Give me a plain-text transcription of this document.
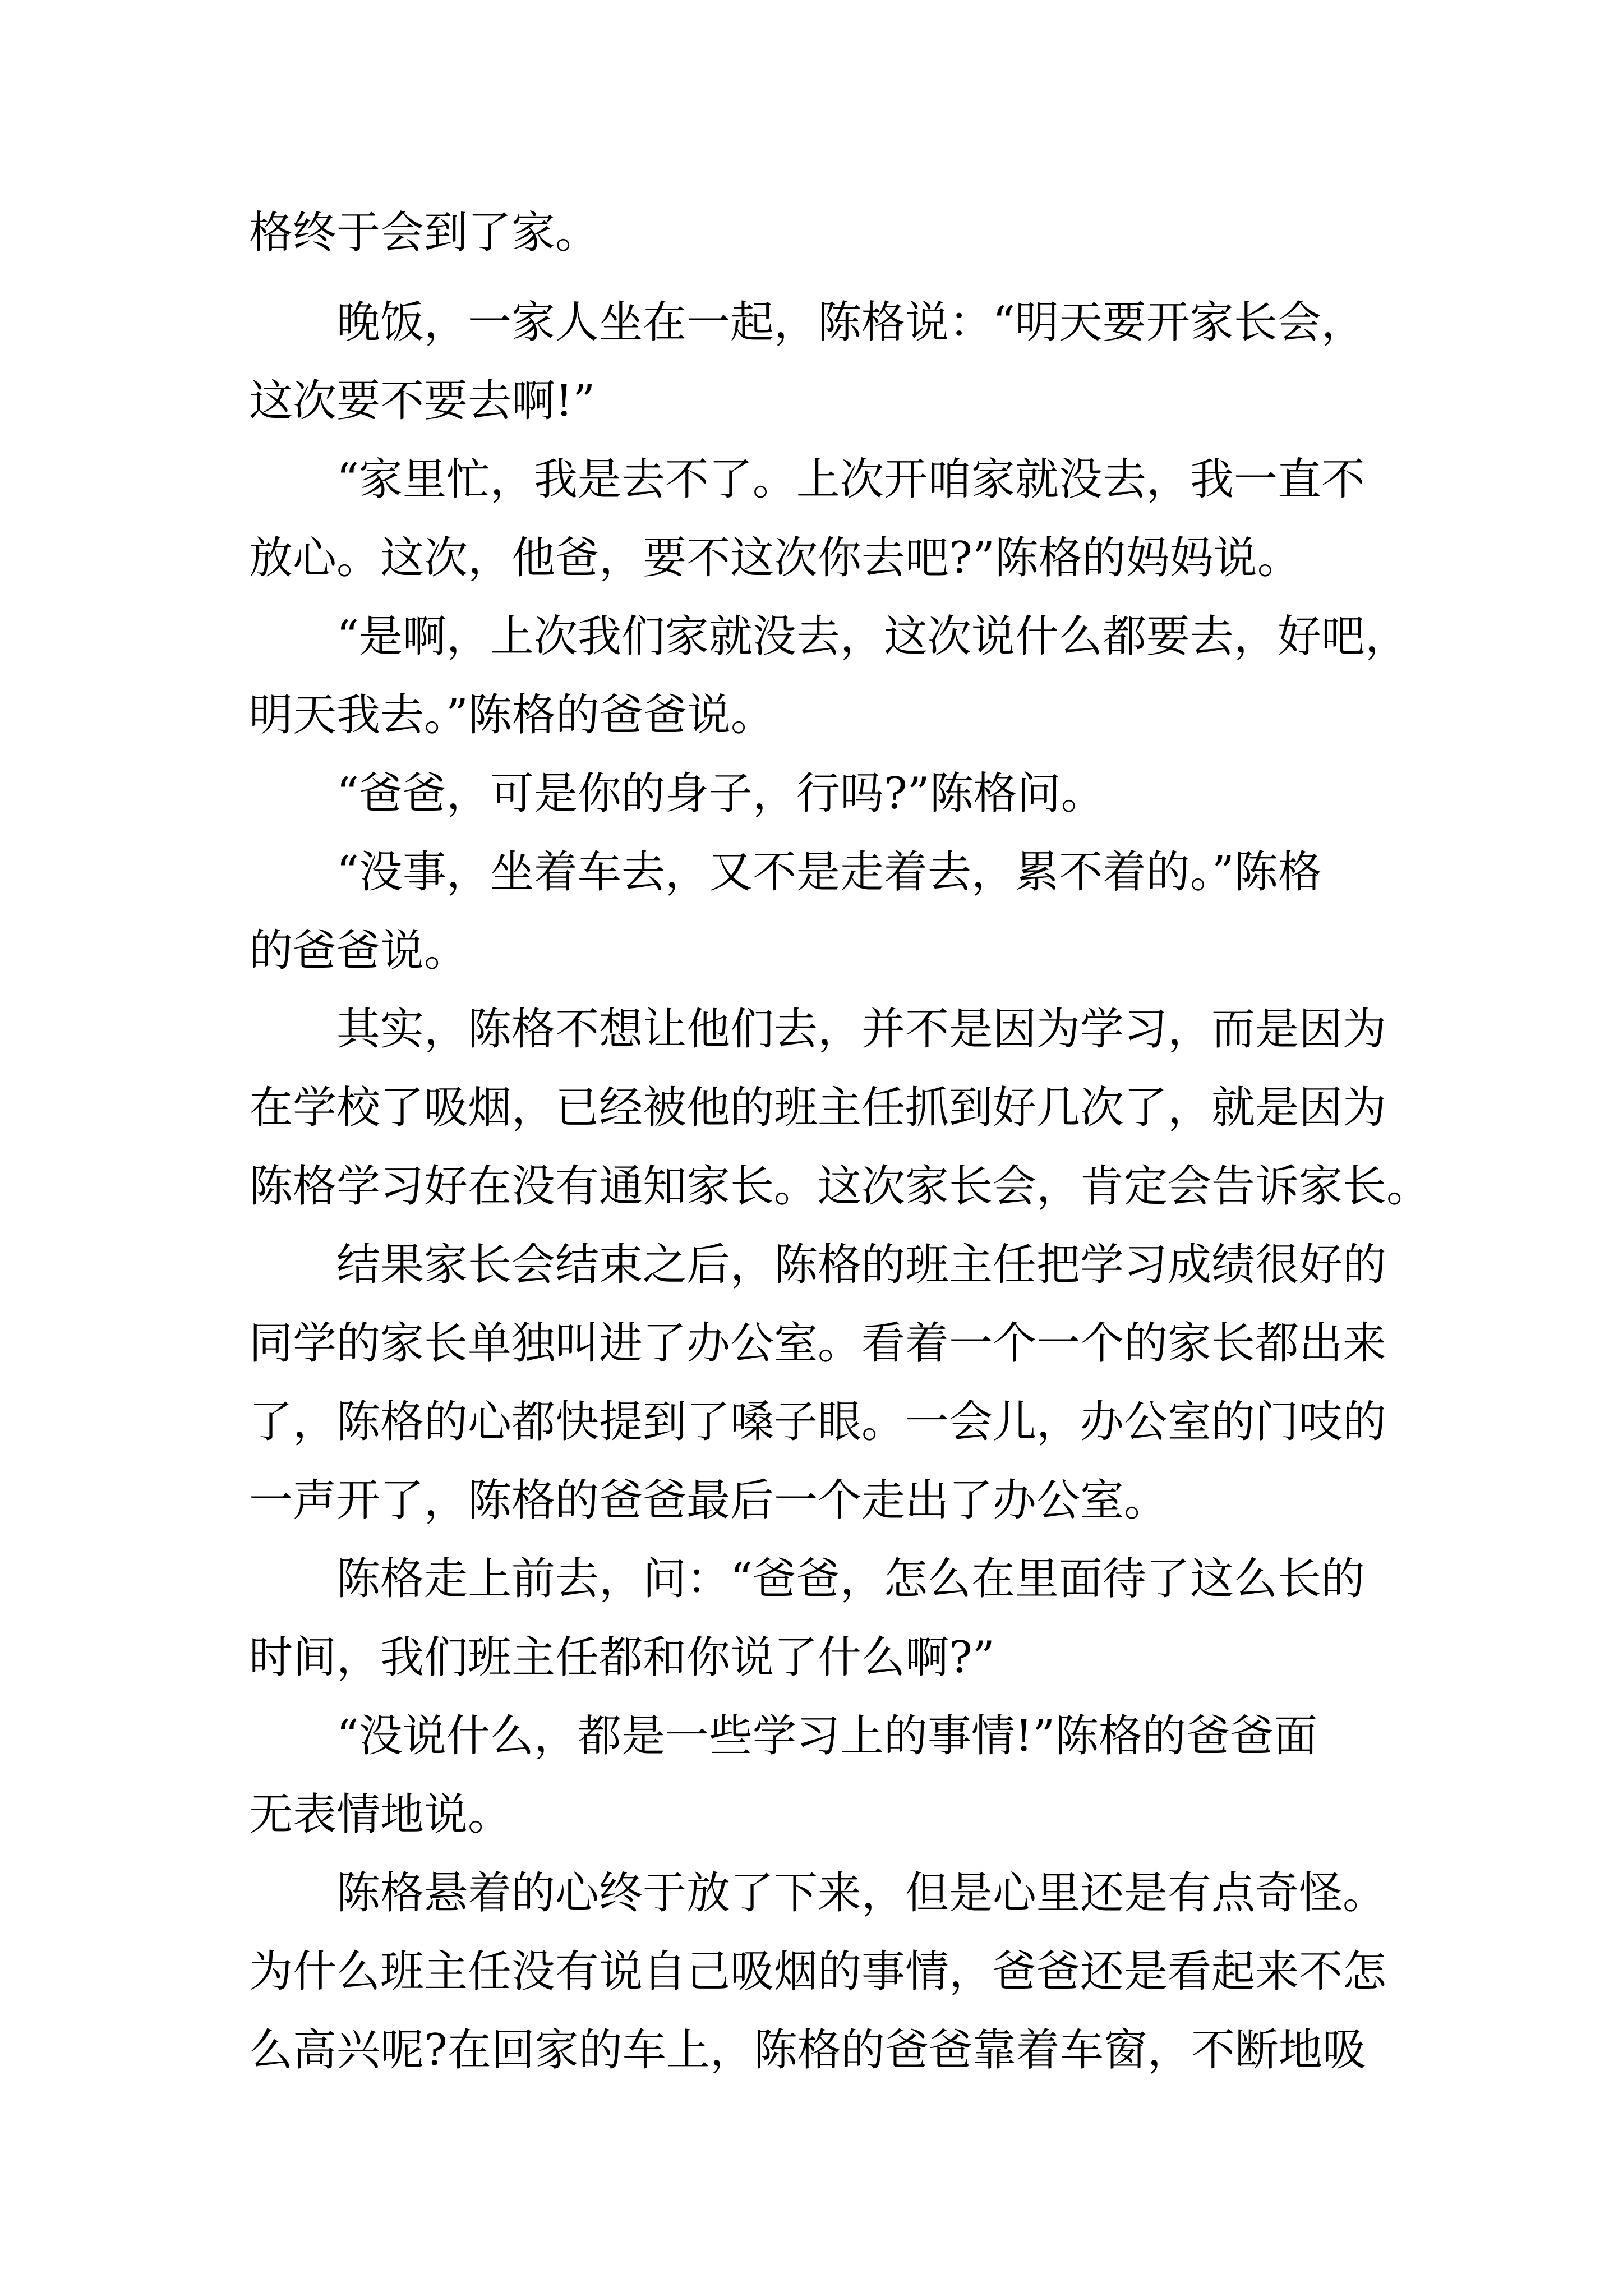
格终于会到了家。
晚饭，一家人坐在一起，陈格说：“明天要开家长会，
这次要不要去啊!”
“家里忙，我是去不了。上次开咱家就没去，我一直不
放心。这次，他爸，要不这次你去吧?”陈格的妈妈说。
“是啊，上次我们家就没去，这次说什么都要去，好吧，
明天我去。”陈格的爸爸说。
“爸爸，可是你的身子，行吗?”陈格问。
“没事，坐着车去，又不是走着去，累不着的。”陈格
的爸爸说。
其实，陈格不想让他们去，并不是因为学习，而是因为
在学校了吸烟，已经被他的班主任抓到好几次了，就是因为
陈格学习好在没有通知家长。这次家长会，肯定会告诉家长。
结果家长会结束之后，陈格的班主任把学习成绩很好的
同学的家长单独叫进了办公室。看着一个一个的家长都出来
了，陈格的心都快提到了嗓子眼。一会儿，办公室的门吱的
一声开了，陈格的爸爸最后一个走出了办公室。
陈格走上前去，问：“爸爸，怎么在里面待了这么长的
时间，我们班主任都和你说了什么啊?”
“没说什么，都是一些学习上的事情!”陈格的爸爸面
无表情地说。
陈格悬着的心终于放了下来，但是心里还是有点奇怪。
为什么班主任没有说自己吸烟的事情，爸爸还是看起来不怎
么高兴呢?在回家的车上，陈格的爸爸靠着车窗，不断地吸
